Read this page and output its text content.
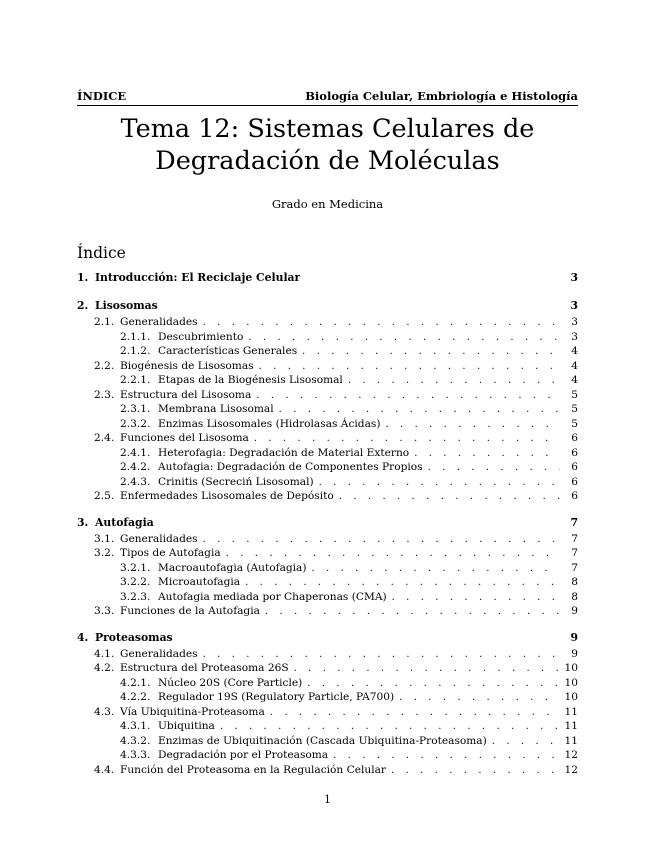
ÍNDICE	Biología Celular, Embriología e Histología
Tema 12: Sistemas Celulares de
Degradación de Moléculas
Grado en Medicina
Índice
1. Introducción: El Reciclaje Celular	3
2. Lisosomas	3
2.1. Generalidades . . .	3
2.1.1. Descubrimiento . . .	3
2.1.2. Características Generales . . .	4
2.2. Biogénesis de Lisosomas . . .	4
2.2.1. Etapas de la Biogénesis Lisosomal . . .	4
2.3. Estructura del Lisosoma . . .	5
2.3.1. Membrana Lisosomal . . .	5
2.3.2. Enzimas Lisosomales (Hidrolasas Ácidas) . . .	5
2.4. Funciones del Lisosoma . . .	6
2.4.1. Heterofagia: Degradación de Material Externo . . .	6
2.4.2. Autofagia: Degradación de Componentes Propios . . .	6
2.4.3. Crinitis (Secreciń Lisosomal) . . .	6
2.5. Enfermedades Lisosomales de Depósito . . .	6
3. Autofagia	7
3.1. Generalidades . . .	7
3.2. Tipos de Autofagia . . .	7
3.2.1. Macroautofagia (Autofagia) . . .	7
3.2.2. Microautofagia . . .	8
3.2.3. Autofagia mediada por Chaperonas (CMA) . . .	8
3.3. Funciones de la Autofagia . . .	9
4. Proteasomas	9
4.1. Generalidades . . .	9
4.2. Estructura del Proteasoma 26S . . .	10
4.2.1. Núcleo 20S (Core Particle) . . .	10
4.2.2. Regulador 19S (Regulatory Particle, PA700) . . .	10
4.3. Vía Ubiquitina-Proteasoma . . .	11
4.3.1. Ubiquitina . . .	11
4.3.2. Enzimas de Ubiquitinación (Cascada Ubiquitina-Proteasoma) . . .	11
4.3.3. Degradación por el Proteasoma . . .	12
4.4. Función del Proteasoma en la Regulación Celular . . .	12
1
